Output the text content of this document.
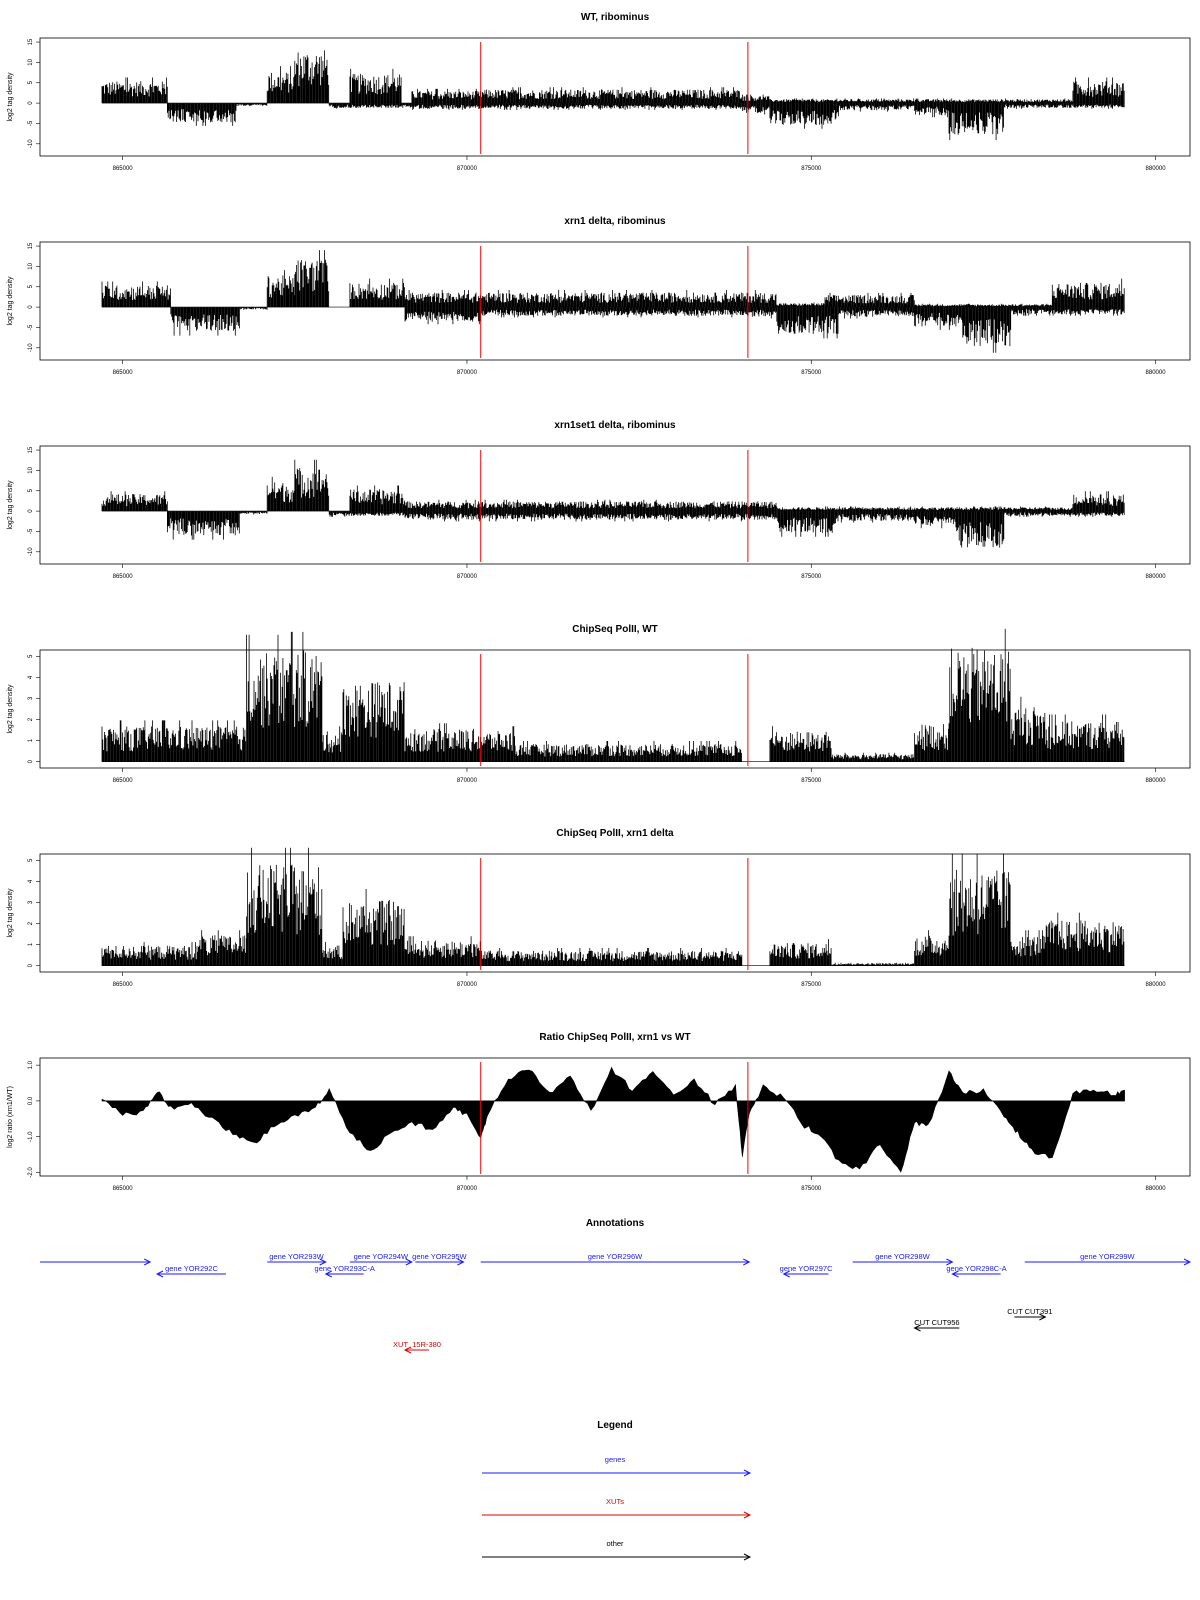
WT, ribominus
-10
-5
0
5
10
15
log2 tag density
865000	870000	875000	880000
xrn1 delta, ribominus
-10
-5
0
5
10
15
log2 tag density
865000	870000	875000	880000
xrn1set1 delta, ribominus
-10
-5
0
5
10
15
log2 tag density
865000	870000	875000	880000
ChipSeq PolII, WT
0
1
2
3
4
5
log2 tag density
865000	870000	875000	880000
ChipSeq PolII, xrn1 delta
0
1
2
3
4
5
log2 tag density
865000	870000	875000	880000
Ratio ChipSeq PolII, xrn1 vs WT
-2.0
-1.0
0.0
1.0
log2 ratio (xrn1/WT)
865000	870000	875000	880000
Annotations
gene YOR292C
gene YOR293W
gene YOR293C-A
gene YOR294W gene YOR295W	gene YOR296W
gene YOR297C
gene YOR298W
gene YOR298C-A
gene YOR299W
CUT CUT391
CUT CUT956
XUT_15R-380
Legend
genes
XUTs
other
